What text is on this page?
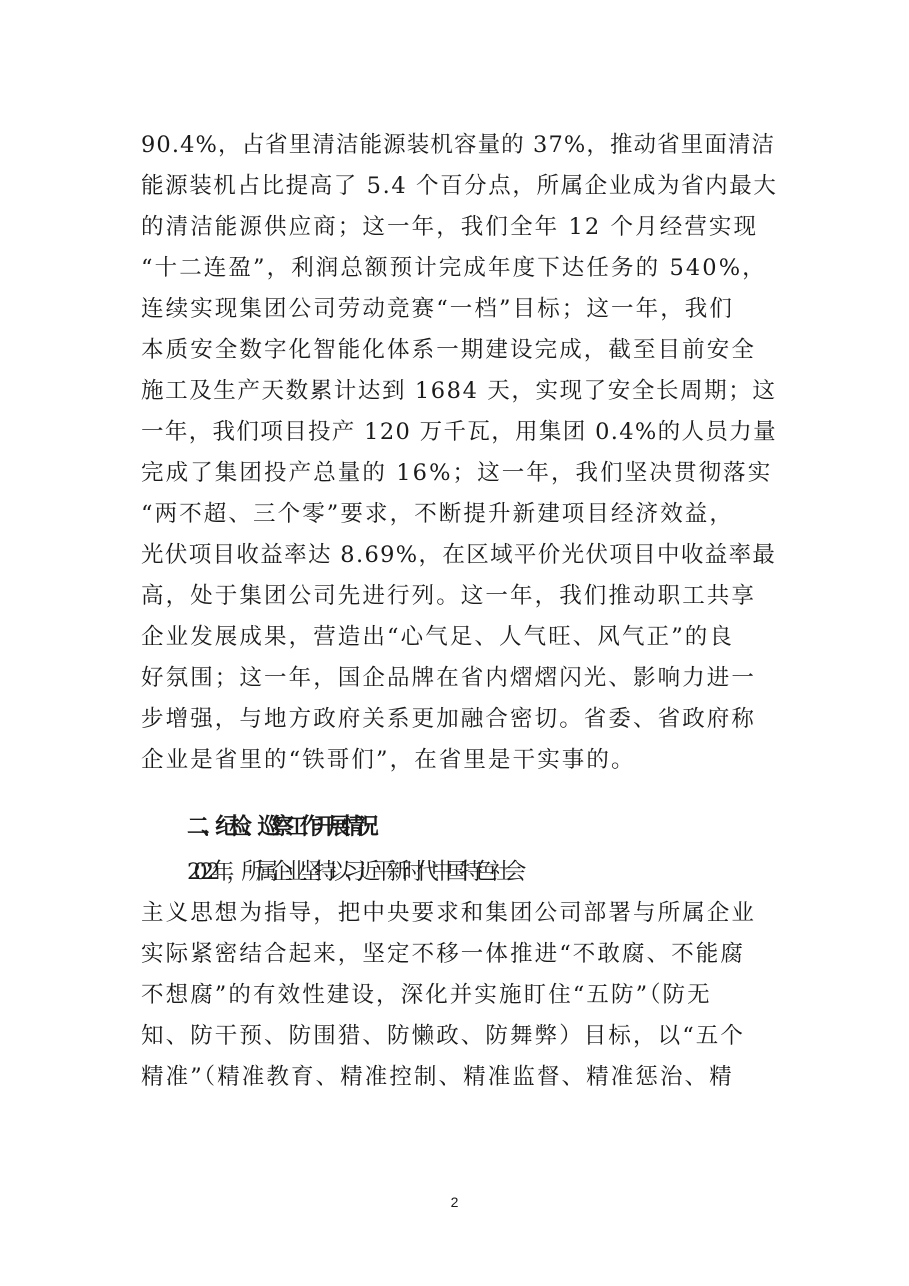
90.4%，占省里清洁能源装机容量的 37%，推动省里面清洁
能源装机占比提高了 5.4 个百分点，所属企业成为省内最大
的清洁能源供应商；这一年，我们全年 12 个月经营实现
“十二连盈”，利润总额预计完成年度下达任务的 540%，
连续实现集团公司劳动竞赛“一档”目标；这一年，我们
本质安全数字化智能化体系一期建设完成，截至目前安全
施工及生产天数累计达到 1684 天，实现了安全长周期；这
一年，我们项目投产 120 万千瓦，用集团 0.4%的人员力量
完成了集团投产总量的 16%；这一年，我们坚决贯彻落实
“两不超、三个零”要求，不断提升新建项目经济效益，
光伏项目收益率达 8.69%，在区域平价光伏项目中收益率最
高，处于集团公司先进行列。这一年，我们推动职工共享
企业发展成果，营造出“心气足、人气旺、风气正”的良
好氛围；这一年，国企品牌在省内熠熠闪光、影响力进一
步增强，与地方政府关系更加融合密切。省委、省政府称
企业是省里的“铁哥们”，在省里是干实事的。
二、纪检、巡察工作开展情况
2022 年，所属企业坚持以习近平新时代中国特色社会
主义思想为指导，把中央要求和集团公司部署与所属企业
实际紧密结合起来，坚定不移一体推进“不敢腐、不能腐
不想腐”的有效性建设，深化并实施盯住“五防”（防无
知、防干预、防围猎、防懒政、防舞弊）目标，以“五个
精准”（精准教育、精准控制、精准监督、精准惩治、精
2
